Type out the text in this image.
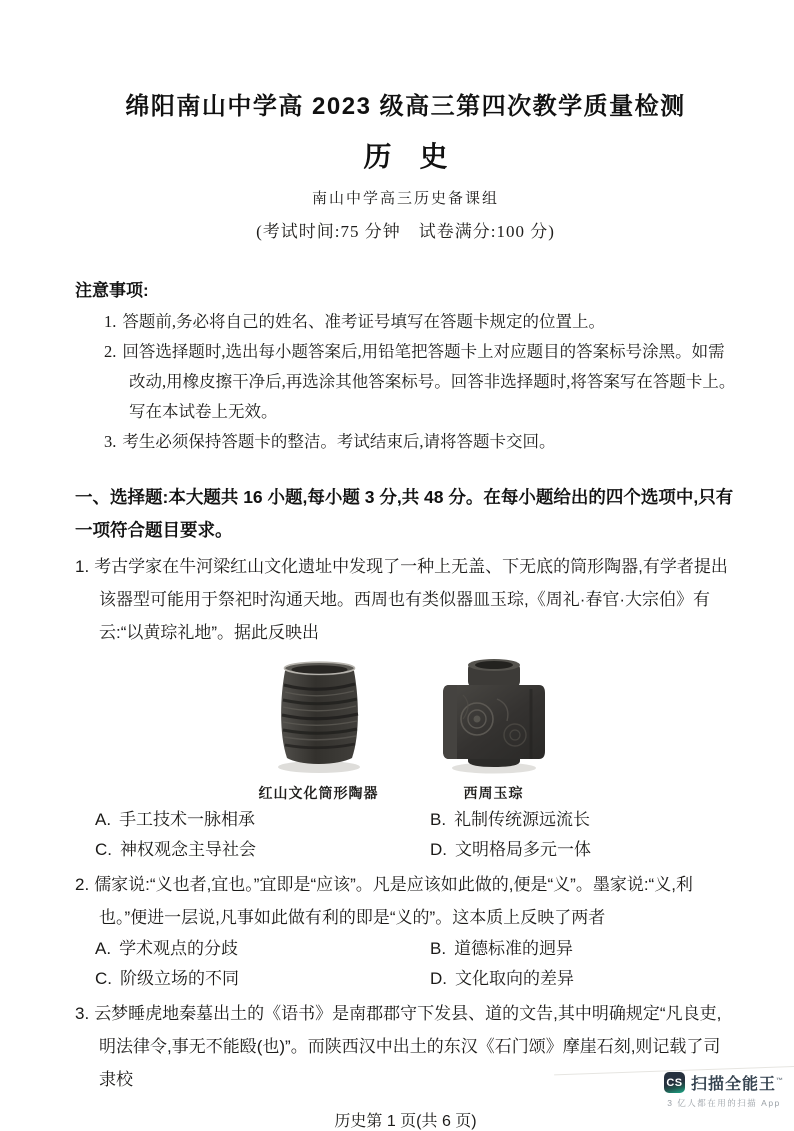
绵阳南山中学高 2023 级高三第四次教学质量检测
历　史
南山中学高三历史备课组
(考试时间:75 分钟　试卷满分:100 分)
注意事项:
1. 答题前,务必将自己的姓名、准考证号填写在答题卡规定的位置上。
2. 回答选择题时,选出每小题答案后,用铅笔把答题卡上对应题目的答案标号涂黑。如需改动,用橡皮擦干净后,再选涂其他答案标号。回答非选择题时,将答案写在答题卡上。写在本试卷上无效。
3. 考生必须保持答题卡的整洁。考试结束后,请将答题卡交回。
一、选择题:本大题共 16 小题,每小题 3 分,共 48 分。在每小题给出的四个选项中,只有一项符合题目要求。
1. 考古学家在牛河梁红山文化遗址中发现了一种上无盖、下无底的筒形陶器,有学者提出该器型可能用于祭祀时沟通天地。西周也有类似器皿玉琮,《周礼·春官·大宗伯》有云:“以黄琮礼地”。据此反映出
红山文化筒形陶器	西周玉琮
A. 手工技术一脉相承	B. 礼制传统源远流长
C. 神权观念主导社会	D. 文明格局多元一体
2. 儒家说:“义也者,宜也。”宜即是“应该”。凡是应该如此做的,便是“义”。墨家说:“义,利也。”便进一层说,凡事如此做有利的即是“义的”。这本质上反映了两者
A. 学术观点的分歧	B. 道德标准的迥异
C. 阶级立场的不同	D. 文化取向的差异
3. 云梦睡虎地秦墓出土的《语书》是南郡郡守下发县、道的文告,其中明确规定“凡良吏,明法律令,事无不能殹(也)”。而陕西汉中出土的东汉《石门颂》摩崖石刻,则记载了司隶校
历史第 1 页(共 6 页)
CS 扫描全能王™
3 亿人都在用的扫描 App
